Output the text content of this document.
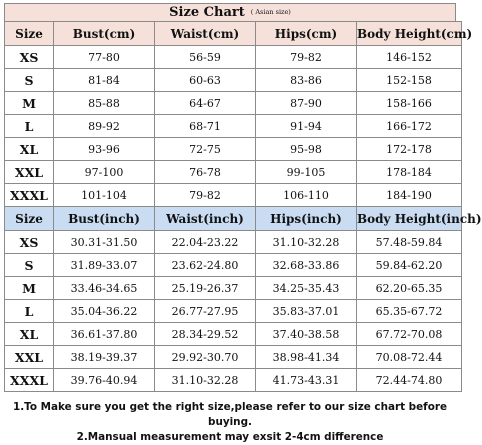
Size Chart $^{( Asian size)}$
Size	Bust(cm)	Waist(cm)	Hips(cm)	Body Height(cm)
XS	77-80	56-59	79-82	146-152
S	81-84	60-63	83-86	152-158
M	85-88	64-67	87-90	158-166
L	89-92	68-71	91-94	166-172
XL	93-96	72-75	95-98	172-178
XXL	97-100	76-78	99-105	178-184
XXXL	101-104	79-82	106-110	184-190
Size	Bust(inch)	Waist(inch)	Hips(inch)	Body Height(inch)
XS	30.31-31.50	22.04-23.22	31.10-32.28	57.48-59.84
S	31.89-33.07	23.62-24.80	32.68-33.86	59.84-62.20
M	33.46-34.65	25.19-26.37	34.25-35.43	62.20-65.35
L	35.04-36.22	26.77-27.95	35.83-37.01	65.35-67.72
XL	36.61-37.80	28.34-29.52	37.40-38.58	67.72-70.08
XXL	38.19-39.37	29.92-30.70	38.98-41.34	70.08-72.44
XXXL	39.76-40.94	31.10-32.28	41.73-43.31	72.44-74.80
1.To Make sure you get the right size,please refer to our size chart before buying.
2.Mansual measurement may exsit 2-4cm difference
